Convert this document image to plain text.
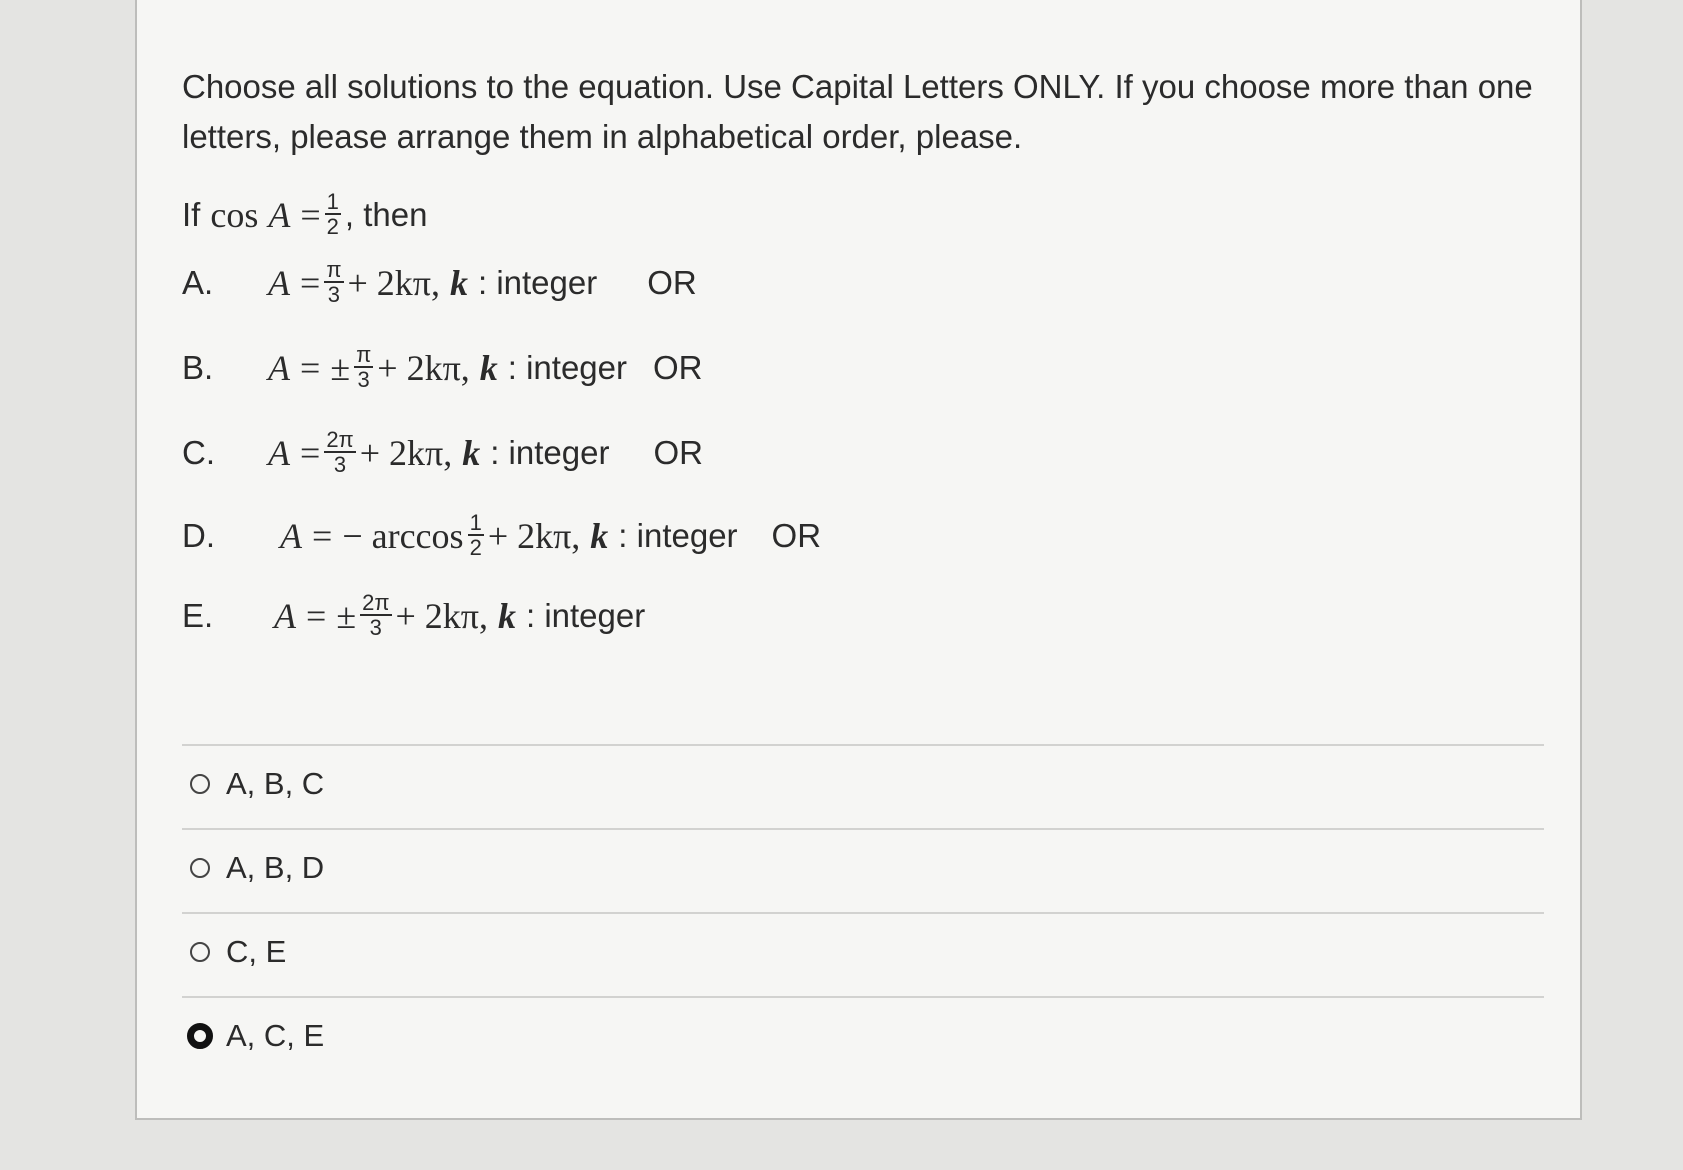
Choose all solutions to the equation. Use Capital Letters ONLY. If you choose more than one letters, please arrange them in alphabetical order, please.
If $\cos A = \frac{1}{2}$ , then
A.	$A = \frac{\pi}{3} + 2k\pi$, k : integer OR
B.	A = ± $\frac{\pi}{3} + 2k\pi$, k : integer OR
C.	$A = \frac{2\pi}{3} + 2k\pi$, k : integer OR
D.	A = − $\arccos \frac{1}{2} + 2k\pi$, k : integer OR
E.	A = ± $\frac{2\pi}{3} + 2k\pi$, k : integer
A, B, C
A, B, D
C, E
A, C, E
